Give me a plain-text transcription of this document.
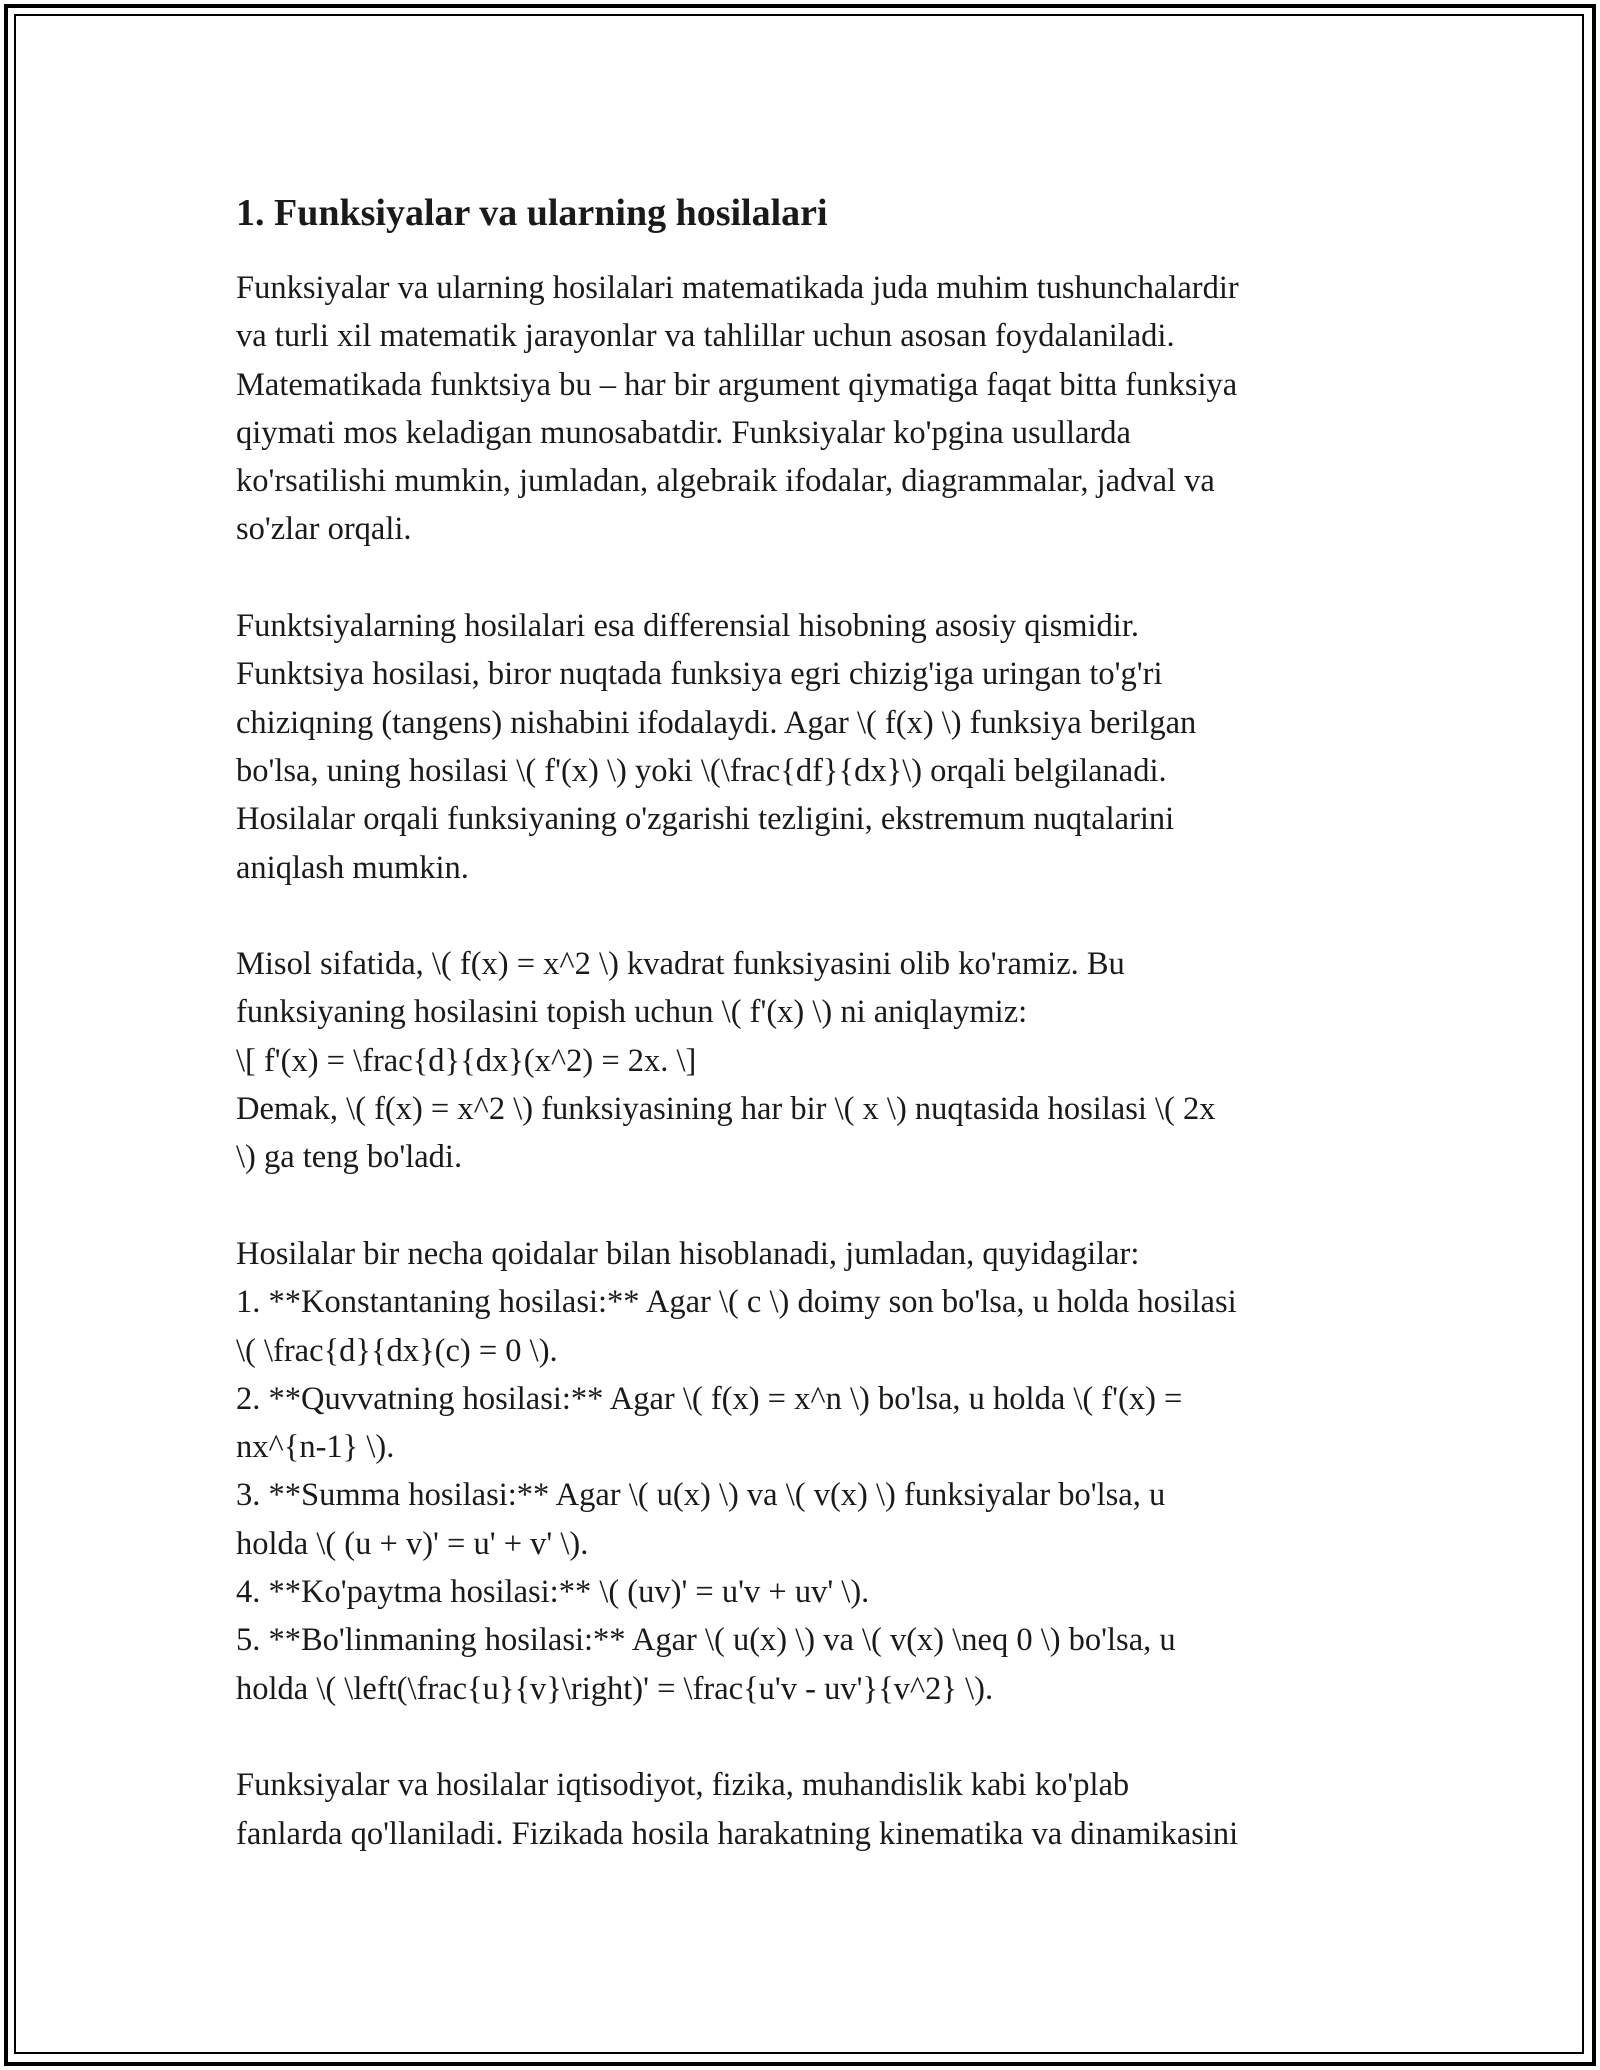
1. Funksiyalar va ularning hosilalari
Funksiyalar va ularning hosilalari matematikada juda muhim tushunchalardir
va turli xil matematik jarayonlar va tahlillar uchun asosan foydalaniladi.
Matematikada funktsiya bu – har bir argument qiymatiga faqat bitta funksiya
qiymati mos keladigan munosabatdir. Funksiyalar ko'pgina usullarda
ko'rsatilishi mumkin, jumladan, algebraik ifodalar, diagrammalar, jadval va
so'zlar orqali.
Funktsiyalarning hosilalari esa differensial hisobning asosiy qismidir.
Funktsiya hosilasi, biror nuqtada funksiya egri chizig'iga uringan to'g'ri
chiziqning (tangens) nishabini ifodalaydi. Agar \( f(x) \) funksiya berilgan
bo'lsa, uning hosilasi \( f'(x) \) yoki \(\frac{df}{dx}\) orqali belgilanadi.
Hosilalar orqali funksiyaning o'zgarishi tezligini, ekstremum nuqtalarini
aniqlash mumkin.
Misol sifatida, \( f(x) = x^2 \) kvadrat funksiyasini olib ko'ramiz. Bu
funksiyaning hosilasini topish uchun \( f'(x) \) ni aniqlaymiz:
\[ f'(x) = \frac{d}{dx}(x^2) = 2x. \]
Demak, \( f(x) = x^2 \) funksiyasining har bir \( x \) nuqtasida hosilasi \( 2x
\) ga teng bo'ladi.
Hosilalar bir necha qoidalar bilan hisoblanadi, jumladan, quyidagilar:
1. **Konstantaning hosilasi:** Agar \( c \) doimy son bo'lsa, u holda hosilasi
\( \frac{d}{dx}(c) = 0 \).
2. **Quvvatning hosilasi:** Agar \( f(x) = x^n \) bo'lsa, u holda \( f'(x) =
nx^{n-1} \).
3. **Summa hosilasi:** Agar \( u(x) \) va \( v(x) \) funksiyalar bo'lsa, u
holda \( (u + v)' = u' + v' \).
4. **Ko'paytma hosilasi:** \( (uv)' = u'v + uv' \).
5. **Bo'linmaning hosilasi:** Agar \( u(x) \) va \( v(x) \neq 0 \) bo'lsa, u
holda \( \left(\frac{u}{v}\right)' = \frac{u'v - uv'}{v^2} \).
Funksiyalar va hosilalar iqtisodiyot, fizika, muhandislik kabi ko'plab
fanlarda qo'llaniladi. Fizikada hosila harakatning kinematika va dinamikasini
